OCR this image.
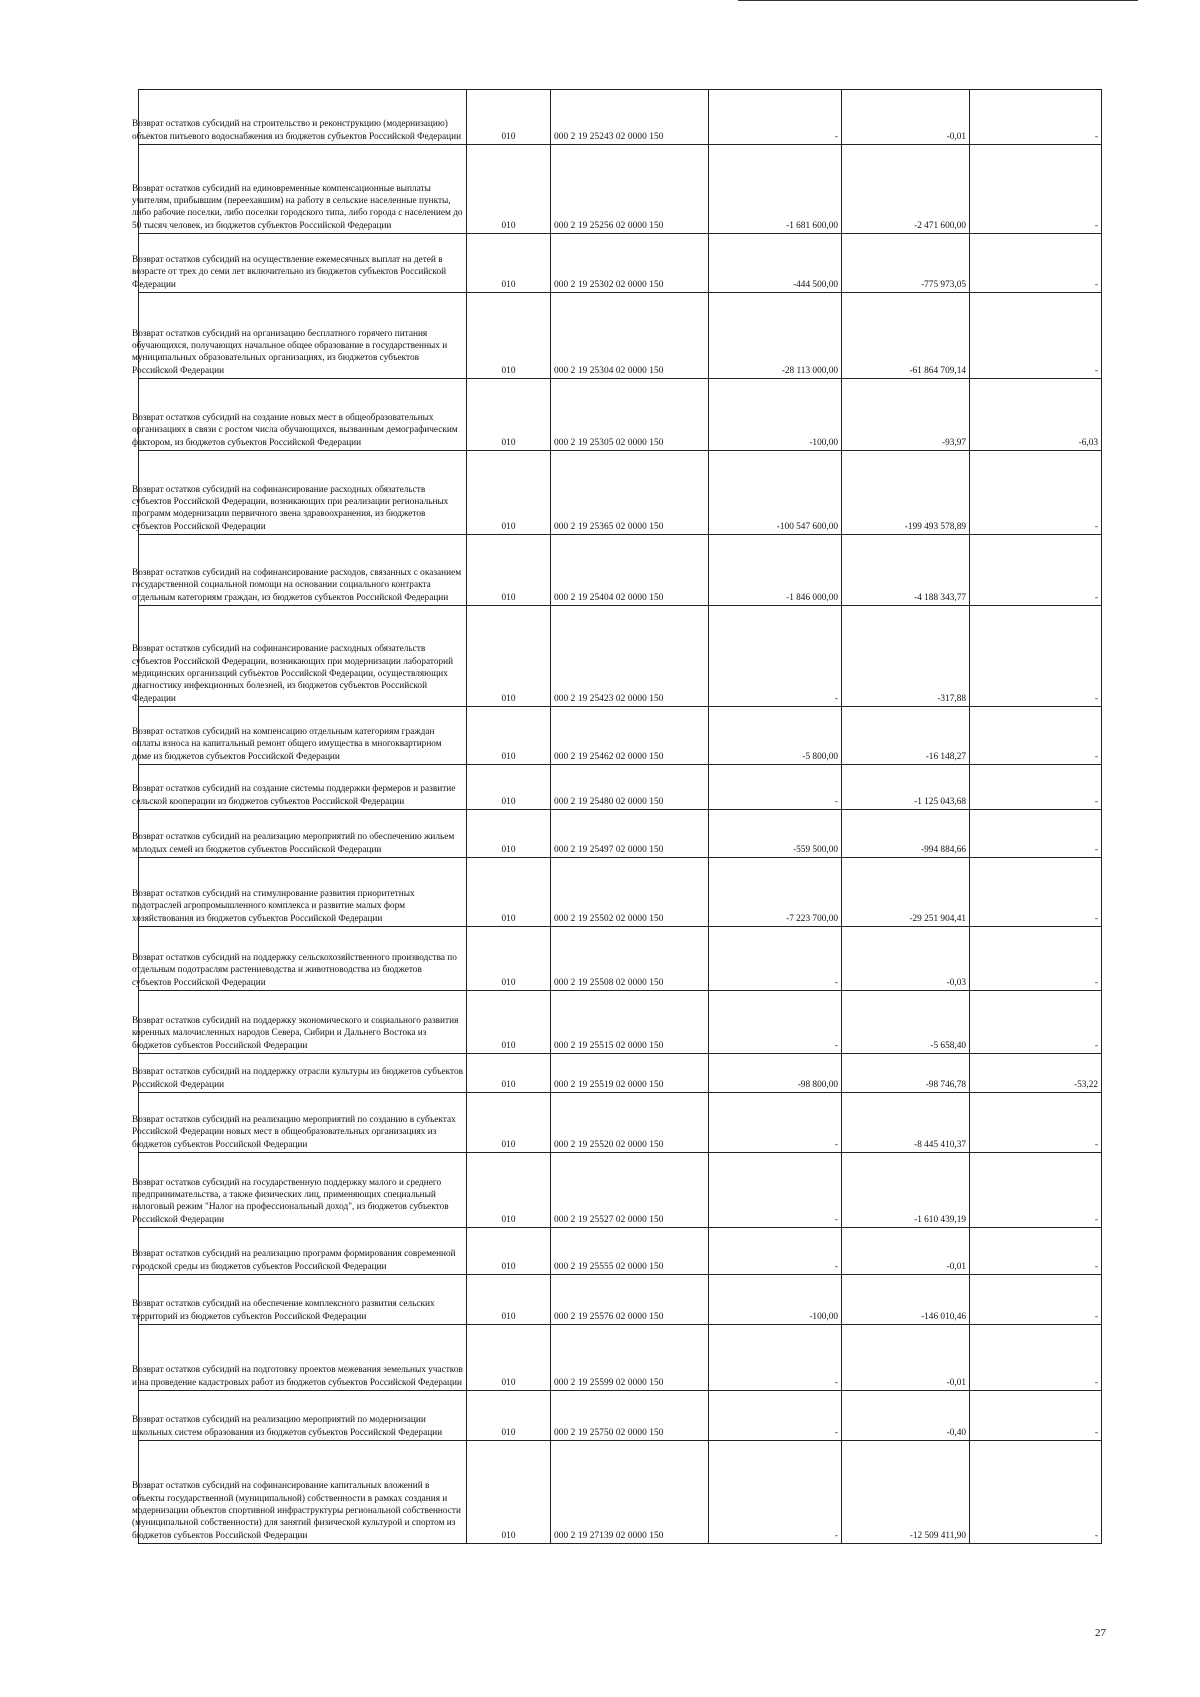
Возврат остатков субсидий на строительство и реконструкцию (модернизацию) объектов питьевого водоснабжения из бюджетов субъектов Российской Федерации	010	000 2 19 25243 02 0000 150	-	-0,01	-

Возврат остатков субсидий на единовременные компенсационные выплаты учителям, прибывшим (переехавшим) на работу в сельские населенные пункты, либо рабочие поселки, либо поселки городского типа, либо города с населением до 50 тысяч человек, из бюджетов субъектов Российской Федерации	010	000 2 19 25256 02 0000 150	-1 681 600,00	-2 471 600,00	-

Возврат остатков субсидий на осуществление ежемесячных выплат на детей в возрасте от трех до семи лет включительно из бюджетов субъектов Российской Федерации	010	000 2 19 25302 02 0000 150	-444 500,00	-775 973,05	-

Возврат остатков субсидий на организацию бесплатного горячего питания обучающихся, получающих начальное общее образование в государственных и муниципальных образовательных организациях, из бюджетов субъектов Российской Федерации	010	000 2 19 25304 02 0000 150	-28 113 000,00	-61 864 709,14	-

Возврат остатков субсидий на создание новых мест в общеобразовательных организациях в связи с ростом числа обучающихся, вызванным демографическим фактором, из бюджетов субъектов Российской Федерации	010	000 2 19 25305 02 0000 150	-100,00	-93,97	-6,03

Возврат остатков субсидий на софинансирование расходных обязательств субъектов Российской Федерации, возникающих при реализации региональных программ модернизации первичного звена здравоохранения, из бюджетов субъектов Российской Федерации	010	000 2 19 25365 02 0000 150	-100 547 600,00	-199 493 578,89	-

Возврат остатков субсидий на софинансирование расходов, связанных с оказанием государственной социальной помощи на основании социального контракта отдельным категориям граждан, из бюджетов субъектов Российской Федерации	010	000 2 19 25404 02 0000 150	-1 846 000,00	-4 188 343,77	-

Возврат остатков субсидий на софинансирование расходных обязательств субъектов Российской Федерации, возникающих при модернизации лабораторий медицинских организаций субъектов Российской Федерации, осуществляющих диагностику инфекционных болезней, из бюджетов субъектов Российской Федерации	010	000 2 19 25423 02 0000 150	-	-317,88	-

Возврат остатков субсидий на компенсацию отдельным категориям граждан оплаты взноса на капитальный ремонт общего имущества в многоквартирном доме из бюджетов субъектов Российской Федерации	010	000 2 19 25462 02 0000 150	-5 800,00	-16 148,27	-

Возврат остатков субсидий на создание системы поддержки фермеров и развитие сельской кооперации из бюджетов субъектов Российской Федерации	010	000 2 19 25480 02 0000 150	-	-1 125 043,68	-

Возврат остатков субсидий на реализацию мероприятий по обеспечению жильем молодых семей из бюджетов субъектов Российской Федерации	010	000 2 19 25497 02 0000 150	-559 500,00	-994 884,66	-

Возврат остатков субсидий на стимулирование развития приоритетных подотраслей агропромышленного комплекса и развитие малых форм хозяйствования из бюджетов субъектов Российской Федерации	010	000 2 19 25502 02 0000 150	-7 223 700,00	-29 251 904,41	-

Возврат остатков субсидий на поддержку сельскохозяйственного производства по отдельным подотраслям растениеводства и животноводства из бюджетов субъектов Российской Федерации	010	000 2 19 25508 02 0000 150	-	-0,03	-

Возврат остатков субсидий на поддержку экономического и социального развития коренных малочисленных народов Севера, Сибири и Дальнего Востока из бюджетов субъектов Российской Федерации	010	000 2 19 25515 02 0000 150	-	-5 658,40	-

Возврат остатков субсидий на поддержку отрасли культуры из бюджетов субъектов Российской Федерации	010	000 2 19 25519 02 0000 150	-98 800,00	-98 746,78	-53,22

Возврат остатков субсидий на реализацию мероприятий по созданию в субъектах Российской Федерации новых мест в общеобразовательных организациях из бюджетов субъектов Российской Федерации	010	000 2 19 25520 02 0000 150	-	-8 445 410,37	-

Возврат остатков субсидий на государственную поддержку малого и среднего предпринимательства, а также физических лиц, применяющих специальный налоговый режим "Налог на профессиональный доход", из бюджетов субъектов Российской Федерации	010	000 2 19 25527 02 0000 150	-	-1 610 439,19	-

Возврат остатков субсидий на реализацию программ формирования современной городской среды из бюджетов субъектов Российской Федерации	010	000 2 19 25555 02 0000 150	-	-0,01	-

Возврат остатков субсидий на обеспечение комплексного развития сельских территорий из бюджетов субъектов Российской Федерации	010	000 2 19 25576 02 0000 150	-100,00	-146 010,46	-

Возврат остатков субсидий на подготовку проектов межевания земельных участков и на проведение кадастровых работ из бюджетов субъектов Российской Федерации	010	000 2 19 25599 02 0000 150	-	-0,01	-

Возврат остатков субсидий на реализацию мероприятий по модернизации школьных систем образования из бюджетов субъектов Российской Федерации	010	000 2 19 25750 02 0000 150	-	-0,40	-

Возврат остатков субсидий на софинансирование капитальных вложений в объекты государственной (муниципальной) собственности в рамках создания и модернизации объектов спортивной инфраструктуры региональной собственности (муниципальной собственности) для занятий физической культурой и спортом из бюджетов субъектов Российской Федерации	010	000 2 19 27139 02 0000 150	-	-12 509 411,90	-
27
